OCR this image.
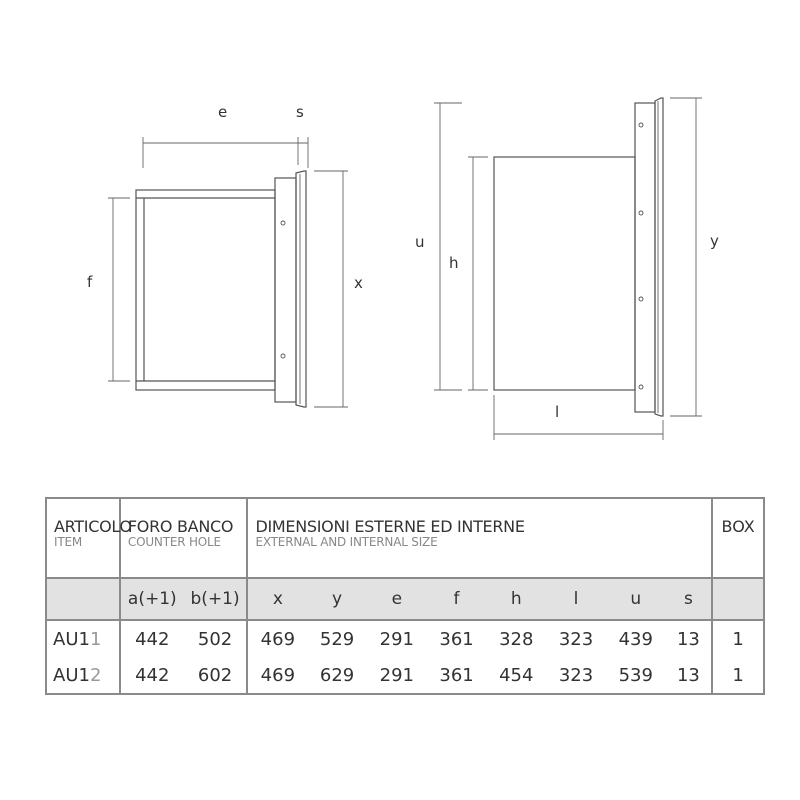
e	s
f	x
u
h
y
l
ARTICOLO
ITEM	FORO BANCO
COUNTER HOLE		DIMENSIONI ESTERNE ED INTERNE
EXTERNAL AND INTERNAL SIZE								BOX

	a(+1)	b(+1)	x	y	e	f	h	l	u	s	
AU11	442	502	469	529	291	361	328	323	439	13	1
AU12	442	602	469	629	291	361	454	323	539	13	1
